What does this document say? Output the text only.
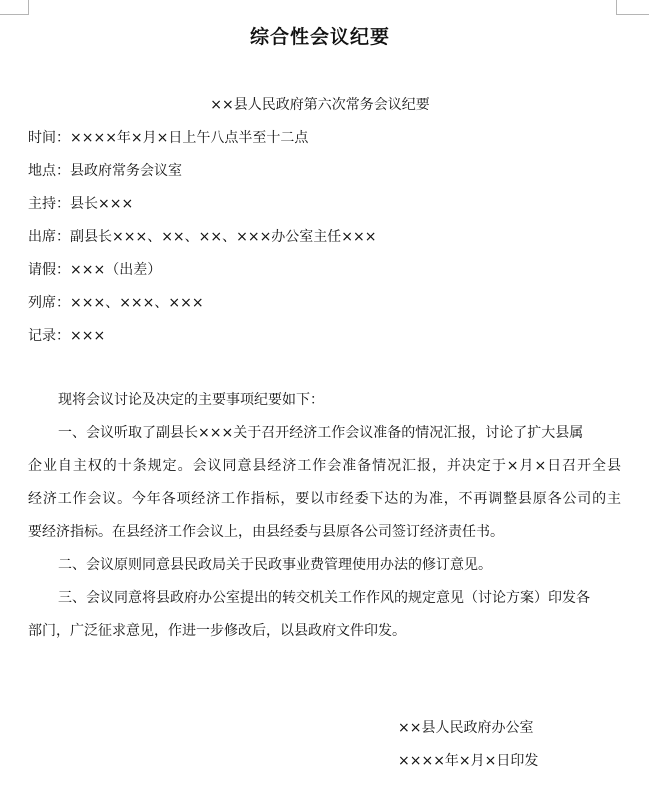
综合性会议纪要
××县人民政府第六次常务会议纪要
时间：××××年×月×日上午八点半至十二点
地点：县政府常务会议室
主持：县长×××
出席：副县长×××、××、××、×××办公室主任×××
请假：×××（出差）
列席：×××、×××、×××
记录：×××
现将会议讨论及决定的主要事项纪要如下：
一、会议听取了副县长×××关于召开经济工作会议准备的情况汇报，讨论了扩大县属
企业自主权的十条规定。会议同意县经济工作会准备情况汇报，并决定于×月×日召开全县
经济工作会议。今年各项经济工作指标，要以市经委下达的为准，不再调整县原各公司的主
要经济指标。在县经济工作会议上，由县经委与县原各公司签订经济责任书。
二、会议原则同意县民政局关于民政事业费管理使用办法的修订意见。
三、会议同意将县政府办公室提出的转交机关工作作风的规定意见（讨论方案）印发各
部门，广泛征求意见，作进一步修改后，以县政府文件印发。
××县人民政府办公室
××××年×月×日印发
